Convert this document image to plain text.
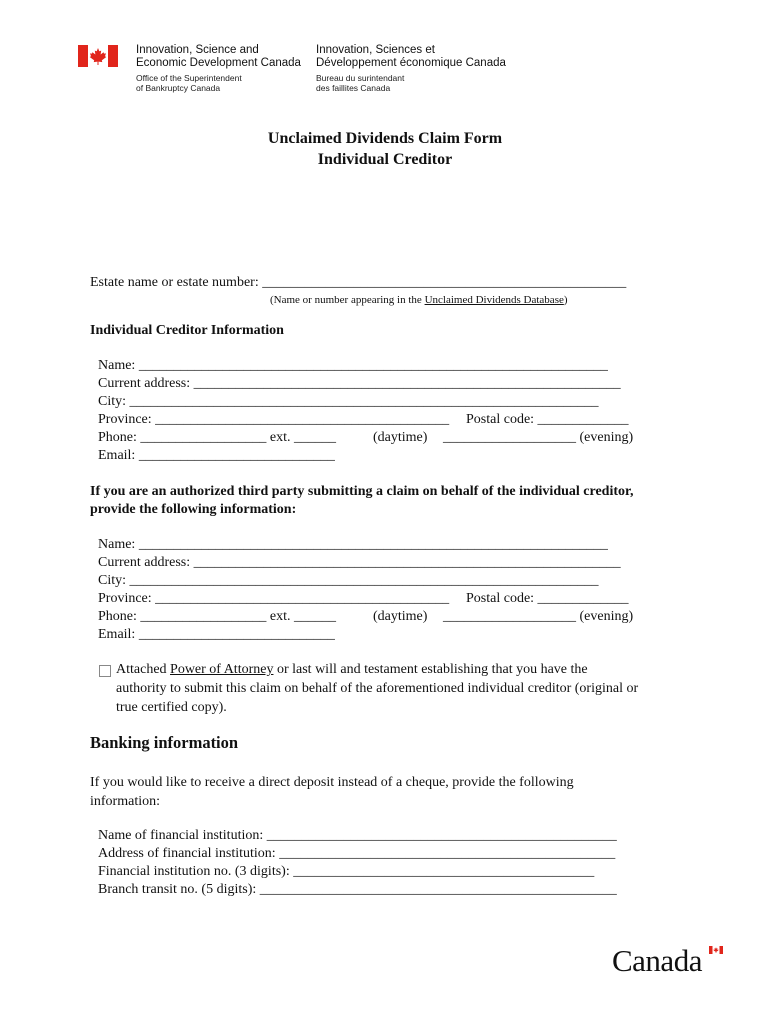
Innovation, Science and
Economic Development Canada
Office of the Superintendent
of Bankruptcy Canada
Innovation, Sciences et
Développement économique Canada
Bureau du surintendant
des faillites Canada
Unclaimed Dividends Claim Form
Individual Creditor
Estate name or estate number: ____________________________________________________
(Name or number appearing in the Unclaimed Dividends Database)
Individual Creditor Information
Name: ___________________________________________________________________
Current address: _____________________________________________________________
City: ___________________________________________________________________
Province: __________________________________________ Postal code: _____________
Phone: __________________ ext. ______	(daytime) ___________________ (evening)
Email: ____________________________
If you are an authorized third party submitting a claim on behalf of the individual creditor,
provide the following information:
Name: ___________________________________________________________________
Current address: _____________________________________________________________
City: ___________________________________________________________________
Province: __________________________________________ Postal code: _____________
Phone: __________________ ext. ______	(daytime) ___________________ (evening)
Email: ____________________________
Attached Power of Attorney or last will and testament establishing that you have the
authority to submit this claim on behalf of the aforementioned individual creditor (original or
true certified copy).
Banking information
If you would like to receive a direct deposit instead of a cheque, provide the following
information:
Name of financial institution: __________________________________________________
Address of financial institution: ________________________________________________
Financial institution no. (3 digits): ___________________________________________
Branch transit no. (5 digits): ___________________________________________________
Canada
